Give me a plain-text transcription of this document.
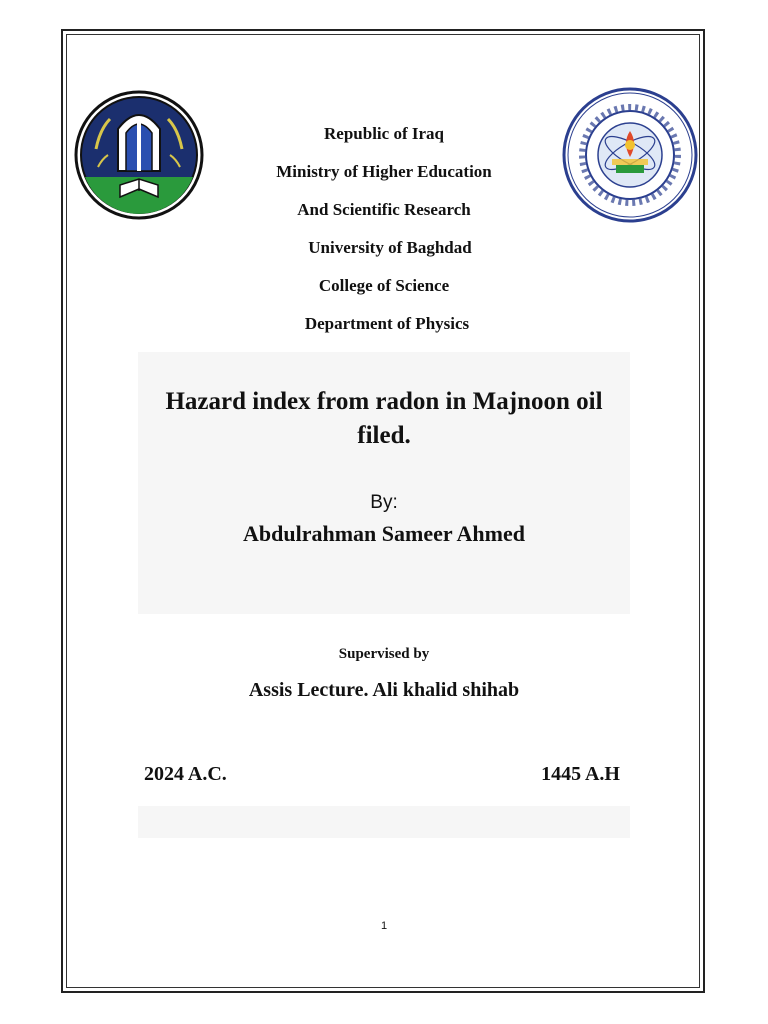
Republic of Iraq
Ministry of Higher Education
And Scientific Research
University of Baghdad
College of Science
Department of Physics
Hazard index from radon in Majnoon oil filed.
By:
Abdulrahman Sameer Ahmed
Supervised by
Assis Lecture. Ali khalid shihab
2024 A.C.	1445 A.H
1
